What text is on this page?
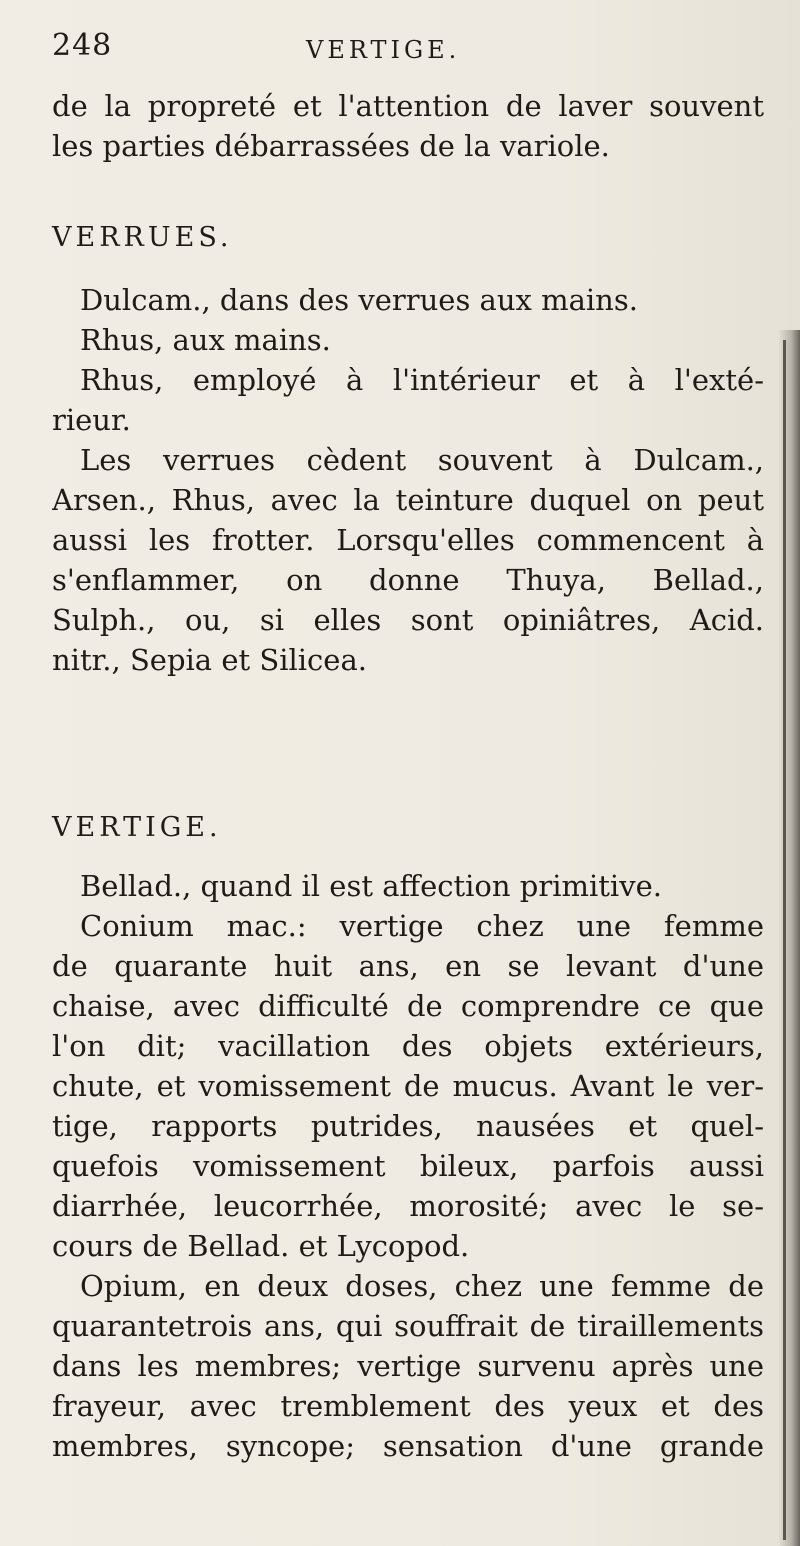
248	VERTIGE.
de la propreté et l'attention de laver souvent
les parties débarrassées de la variole.
VERRUES.
Dulcam., dans des verrues aux mains.
Rhus, aux mains.
Rhus, employé à l'intérieur et à l'exté-
rieur.
Les verrues cèdent souvent à Dulcam.,
Arsen., Rhus, avec la teinture duquel on peut
aussi les frotter. Lorsqu'elles commencent à
s'enflammer, on donne Thuya, Bellad.,
Sulph., ou, si elles sont opiniâtres, Acid.
nitr., Sepia et Silicea.
VERTIGE.
Bellad., quand il est affection primitive.
Conium mac.: vertige chez une femme
de quarante huit ans, en se levant d'une
chaise, avec difficulté de comprendre ce que
l'on dit; vacillation des objets extérieurs,
chute, et vomissement de mucus. Avant le ver-
tige, rapports putrides, nausées et quel-
quefois vomissement bileux, parfois aussi
diarrhée, leucorrhée, morosité; avec le se-
cours de Bellad. et Lycopod.
Opium, en deux doses, chez une femme de
quarantetrois ans, qui souffrait de tiraillements
dans les membres; vertige survenu après une
frayeur, avec tremblement des yeux et des
membres, syncope; sensation d'une grande
